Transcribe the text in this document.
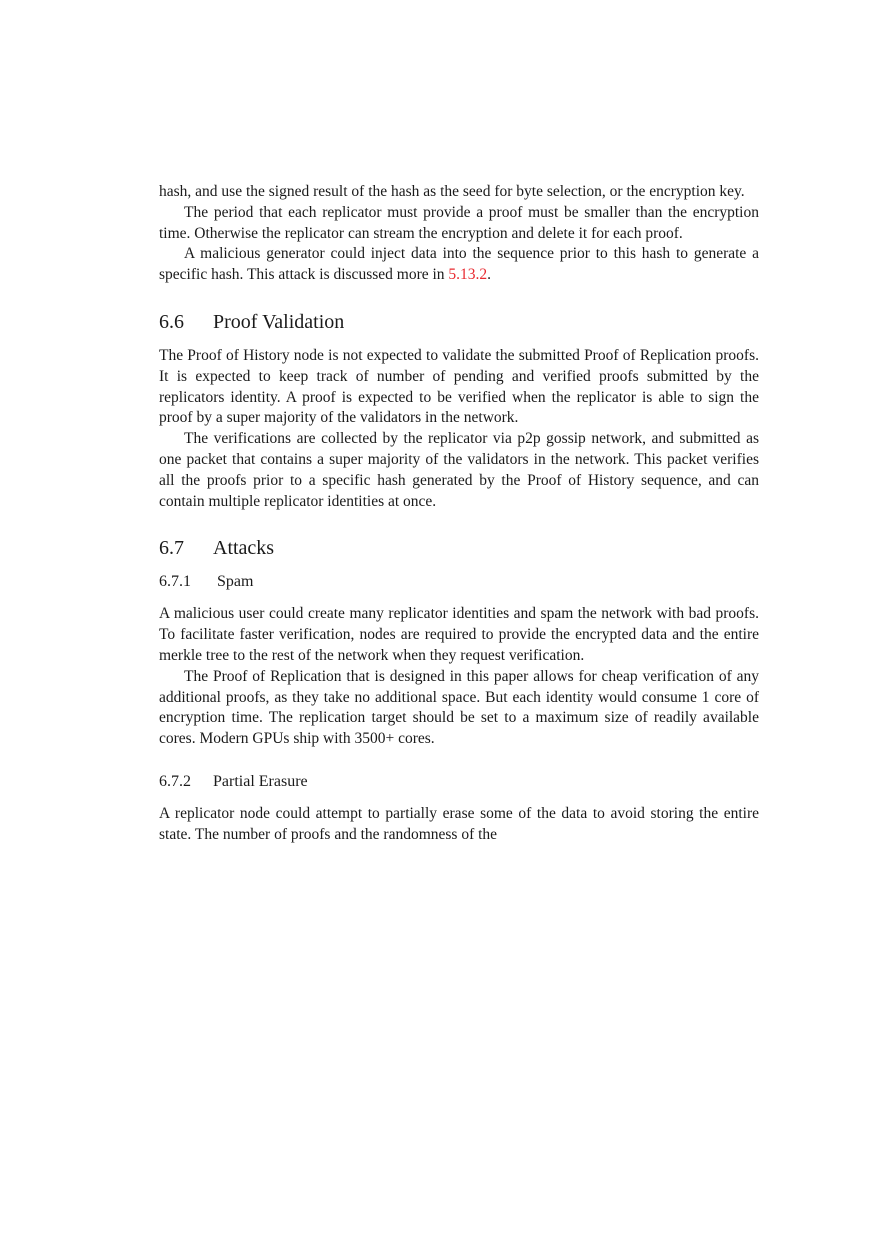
hash, and use the signed result of the hash as the seed for byte selection, or the encryption key.

The period that each replicator must provide a proof must be smaller than the encryption time. Otherwise the replicator can stream the encryption and delete it for each proof.

A malicious generator could inject data into the sequence prior to this hash to generate a specific hash. This attack is discussed more in 5.13.2.

6.6 Proof Validation

The Proof of History node is not expected to validate the submitted Proof of Replication proofs. It is expected to keep track of number of pending and verified proofs submitted by the replicators identity. A proof is expected to be verified when the replicator is able to sign the proof by a super majority of the validators in the network.

The verifications are collected by the replicator via p2p gossip network, and submitted as one packet that contains a super majority of the validators in the network. This packet verifies all the proofs prior to a specific hash generated by the Proof of History sequence, and can contain multiple replicator identities at once.

6.7 Attacks
6.7.1 Spam

A malicious user could create many replicator identities and spam the network with bad proofs. To facilitate faster verification, nodes are required to provide the encrypted data and the entire merkle tree to the rest of the network when they request verification.

The Proof of Replication that is designed in this paper allows for cheap verification of any additional proofs, as they take no additional space. But each identity would consume 1 core of encryption time. The replication target should be set to a maximum size of readily available cores. Modern GPUs ship with 3500+ cores.

6.7.2 Partial Erasure

A replicator node could attempt to partially erase some of the data to avoid storing the entire state. The number of proofs and the randomness of the
